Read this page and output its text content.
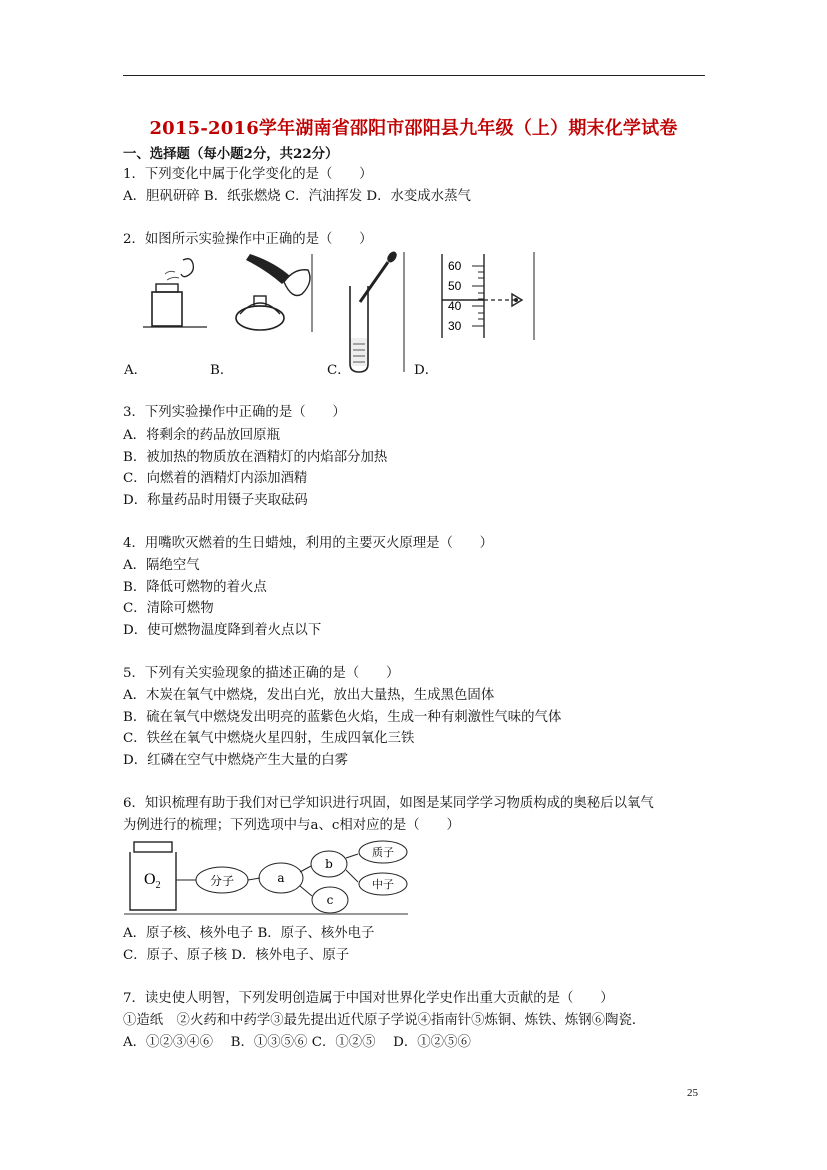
2015-2016学年湖南省邵阳市邵阳县九年级（上）期末化学试卷
一、选择题（每小题2分，共22分）
1．下列变化中属于化学变化的是（　　）
A．胆矾研碎 B．纸张燃烧 C．汽油挥发 D．水变成水蒸气
2．如图所示实验操作中正确的是（　　）
60
50
40
30
A．	B．	C．	D．
3．下列实验操作中正确的是（　　）
A．将剩余的药品放回原瓶
B．被加热的物质放在酒精灯的内焰部分加热
C．向燃着的酒精灯内添加酒精
D．称量药品时用镊子夹取砝码
4．用嘴吹灭燃着的生日蜡烛，利用的主要灭火原理是（　　）
A．隔绝空气
B．降低可燃物的着火点
C．清除可燃物
D．使可燃物温度降到着火点以下
5．下列有关实验现象的描述正确的是（　　）
A．木炭在氧气中燃烧，发出白光，放出大量热，生成黑色固体
B．硫在氧气中燃烧发出明亮的蓝紫色火焰，生成一种有刺激性气味的气体
C．铁丝在氧气中燃烧火星四射，生成四氧化三铁
D．红磷在空气中燃烧产生大量的白雾
6．知识梳理有助于我们对已学知识进行巩固，如图是某同学学习物质构成的奥秘后以氧气
为例进行的梳理；下列选项中与a、c相对应的是（　　）
$O_2$	分子	a
b
c
质子
中子
A．原子核、核外电子 B．原子、核外电子
C．原子、原子核 D．核外电子、原子
7．读史使人明智，下列发明创造属于中国对世界化学史作出重大贡献的是（　　）
①造纸　②火药和中药学③最先提出近代原子学说④指南针⑤炼铜、炼铁、炼钢⑥陶瓷．
A．①②③④⑥　 B．①③⑤⑥ C．①②⑤　 D．①②⑤⑥
25
